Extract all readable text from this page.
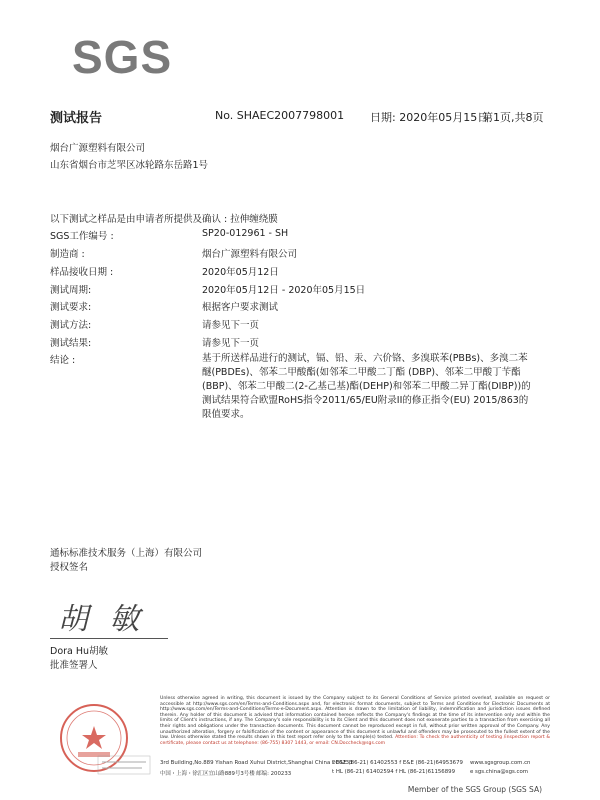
SGS
测试报告	No. SHAEC2007798001 日期: 2020年05月15日
第1页,共8页
烟台广源塑料有限公司
山东省烟台市芝罘区冰轮路东岳路1号
以下测试之样品是由申请者所提供及确认 : 拉伸缠绕膜
SGS工作编号 :	SP20-012961 - SH
制造商 :	烟台广源塑料有限公司
样品接收日期 :	2020年05月12日
测试周期:	2020年05月12日 - 2020年05月15日
测试要求:	根据客户要求测试
测试方法:	请参见下一页
测试结果:	请参见下一页
结论 :	基于所送样品进行的测试，镉、铅、汞、六价铬、多溴联苯(PBBs)、多溴二苯醚(PBDEs)、邻苯二甲酸酯(如邻苯二甲酸二丁酯 (DBP)、邻苯二甲酸丁苄酯(BBP)、邻苯二甲酸二(2-乙基己基)酯(DEHP)和邻苯二甲酸二异丁酯(DIBP))的测试结果符合欧盟RoHS指令2011/65/EU附录II的修正指令(EU) 2015/863的限值要求。
通标标准技术服务（上海）有限公司
授权签名
胡 敏
Dora Hu胡敏
批准签署人
Unless otherwise agreed in writing, this document is issued by the Company subject to its General Conditions of Service printed overleaf, available on request or accessible at http://www.sgs.com/en/Terms-and-Conditions.aspx and, for electronic format documents, subject to Terms and Conditions for Electronic Documents at http://www.sgs.com/en/Terms-and-Conditions/Terms-e-Document.aspx. Attention is drawn to the limitation of liability, indemnification and jurisdiction issues defined therein. Any holder of this document is advised that information contained hereon reflects the Company's findings at the time of its intervention only and within the limits of Client's instructions, if any. The Company's sole responsibility is to its Client and this document does not exonerate parties to a transaction from exercising all their rights and obligations under the transaction documents. This document cannot be reproduced except in full, without prior written approval of the Company. Any unauthorized alteration, forgery or falsification of the content or appearance of this document is unlawful and offenders may be prosecuted to the fullest extent of the law. Unless otherwise stated the results shown in this test report refer only to the sample(s) tested. Attention: To check the authenticity of testing /inspection report & certificate, please contact us at telephone: (86-755) 8307 1443, or email: CN.Doccheck@sgs.com
3rd Building,No.889 Yishan Road Xuhui District,Shanghai China 200233
中国・上海・徐汇区宜山路889号3号楼 邮编: 200233
t E&E (86-21) 61402553 f E&E (86-21)64953679
t HL (86-21) 61402594 f HL (86-21)61156899
www.sgsgroup.com.cn
e sgs.china@sgs.com
Member of the SGS Group (SGS SA)
